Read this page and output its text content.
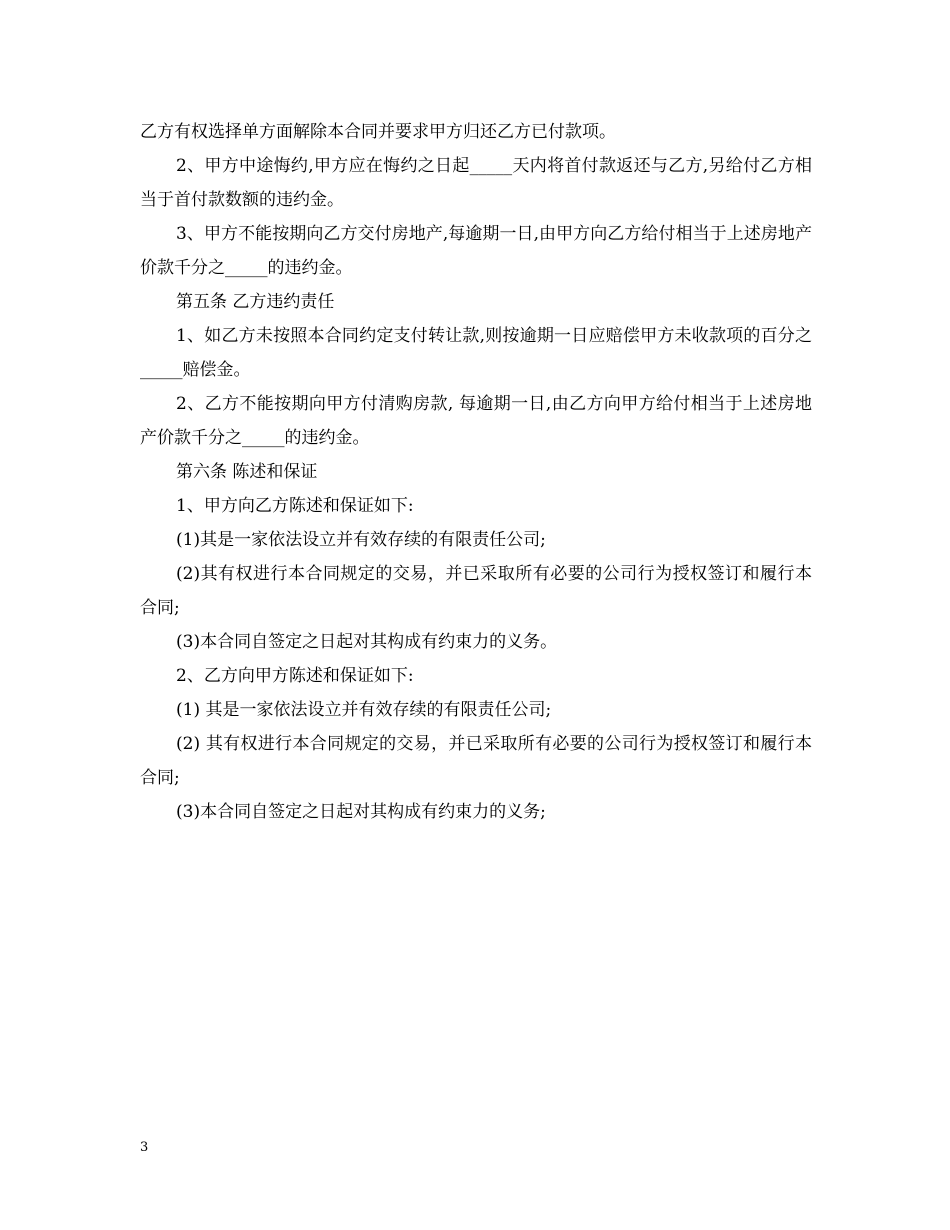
乙方有权选择单方面解除本合同并要求甲方归还乙方已付款项。

2、甲方中途悔约,甲方应在悔约之日起_____天内将首付款返还与乙方,另给付乙方相当于首付款数额的违约金。

3、甲方不能按期向乙方交付房地产,每逾期一日,由甲方向乙方给付相当于上述房地产价款千分之_____的违约金。

第五条 乙方违约责任

1、如乙方未按照本合同约定支付转让款,则按逾期一日应赔偿甲方未收款项的百分之_____赔偿金。

2、乙方不能按期向甲方付清购房款, 每逾期一日,由乙方向甲方给付相当于上述房地产价款千分之_____的违约金。

第六条 陈述和保证

1、甲方向乙方陈述和保证如下:

(1)其是一家依法设立并有效存续的有限责任公司;

(2)其有权进行本合同规定的交易，并已采取所有必要的公司行为授权签订和履行本合同;

(3)本合同自签定之日起对其构成有约束力的义务。

2、乙方向甲方陈述和保证如下:

(1) 其是一家依法设立并有效存续的有限责任公司;

(2) 其有权进行本合同规定的交易，并已采取所有必要的公司行为授权签订和履行本合同;

(3)本合同自签定之日起对其构成有约束力的义务;

3
